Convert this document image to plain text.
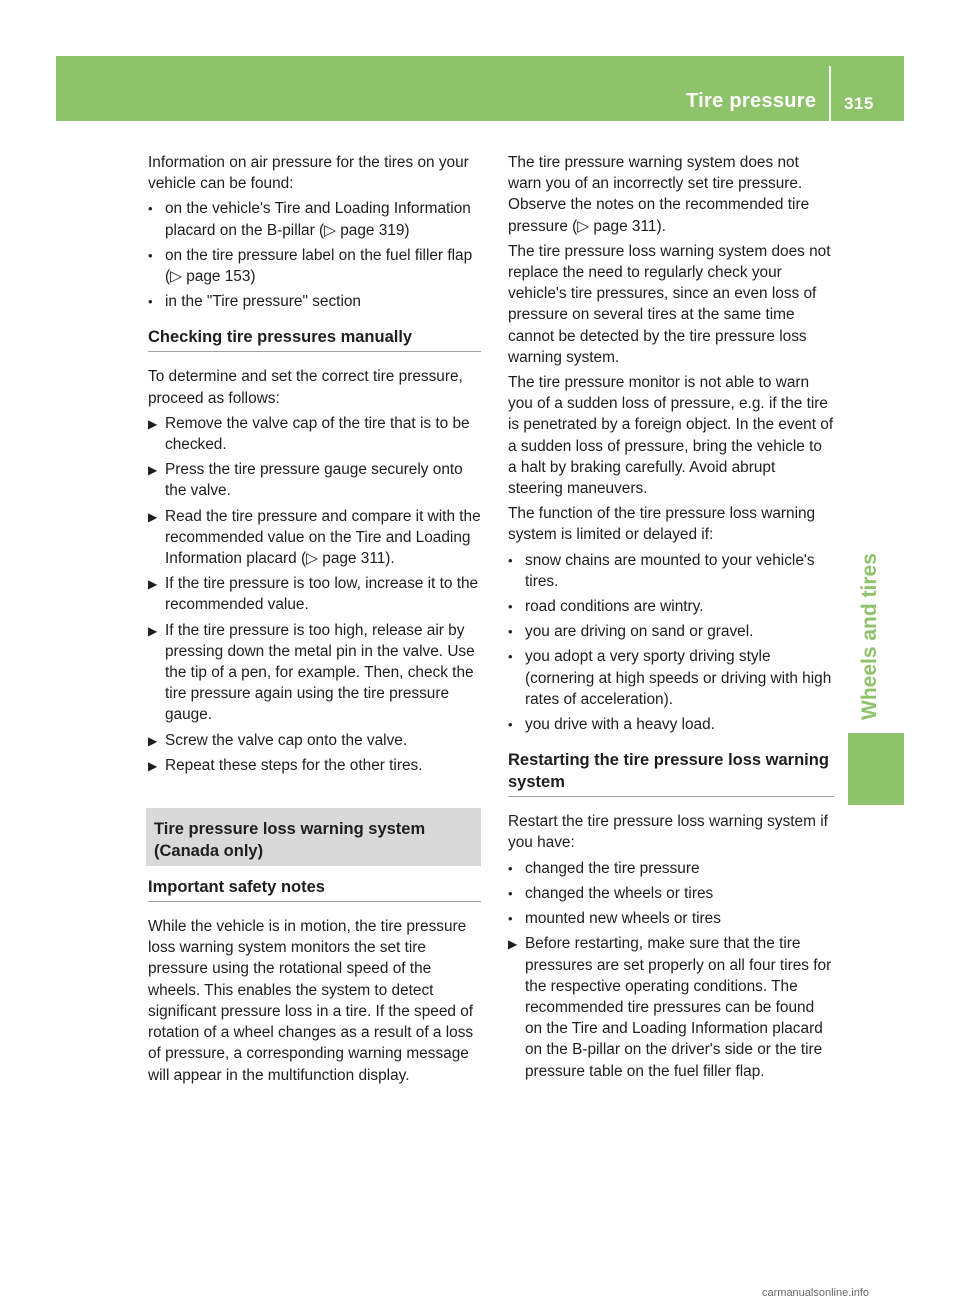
Tire pressure 315
Wheels and tires
Information on air pressure for the tires on your vehicle can be found:
• on the vehicle's Tire and Loading Information placard on the B-pillar (▷ page 319)
• on the tire pressure label on the fuel filler flap (▷ page 153)
• in the "Tire pressure" section
Checking tire pressures manually
To determine and set the correct tire pressure, proceed as follows:
▶ Remove the valve cap of the tire that is to be checked.
▶ Press the tire pressure gauge securely onto the valve.
▶ Read the tire pressure and compare it with the recommended value on the Tire and Loading Information placard (▷ page 311).
▶ If the tire pressure is too low, increase it to the recommended value.
▶ If the tire pressure is too high, release air by pressing down the metal pin in the valve. Use the tip of a pen, for example. Then, check the tire pressure again using the tire pressure gauge.
▶ Screw the valve cap onto the valve.
▶ Repeat these steps for the other tires.
Tire pressure loss warning system (Canada only)
Important safety notes
While the vehicle is in motion, the tire pressure loss warning system monitors the set tire pressure using the rotational speed of the wheels. This enables the system to detect significant pressure loss in a tire. If the speed of rotation of a wheel changes as a result of a loss of pressure, a corresponding warning message will appear in the multifunction display.
The tire pressure warning system does not warn you of an incorrectly set tire pressure. Observe the notes on the recommended tire pressure (▷ page 311).
The tire pressure loss warning system does not replace the need to regularly check your vehicle's tire pressures, since an even loss of pressure on several tires at the same time cannot be detected by the tire pressure loss warning system.
The tire pressure monitor is not able to warn you of a sudden loss of pressure, e.g. if the tire is penetrated by a foreign object. In the event of a sudden loss of pressure, bring the vehicle to a halt by braking carefully. Avoid abrupt steering maneuvers.
The function of the tire pressure loss warning system is limited or delayed if:
• snow chains are mounted to your vehicle's tires.
• road conditions are wintry.
• you are driving on sand or gravel.
• you adopt a very sporty driving style (cornering at high speeds or driving with high rates of acceleration).
• you drive with a heavy load.
Restarting the tire pressure loss warning system
Restart the tire pressure loss warning system if you have:
• changed the tire pressure
• changed the wheels or tires
• mounted new wheels or tires
▶ Before restarting, make sure that the tire pressures are set properly on all four tires for the respective operating conditions. The recommended tire pressures can be found on the Tire and Loading Information placard on the B-pillar on the driver's side or the tire pressure table on the fuel filler flap.
carmanualsonline.info
